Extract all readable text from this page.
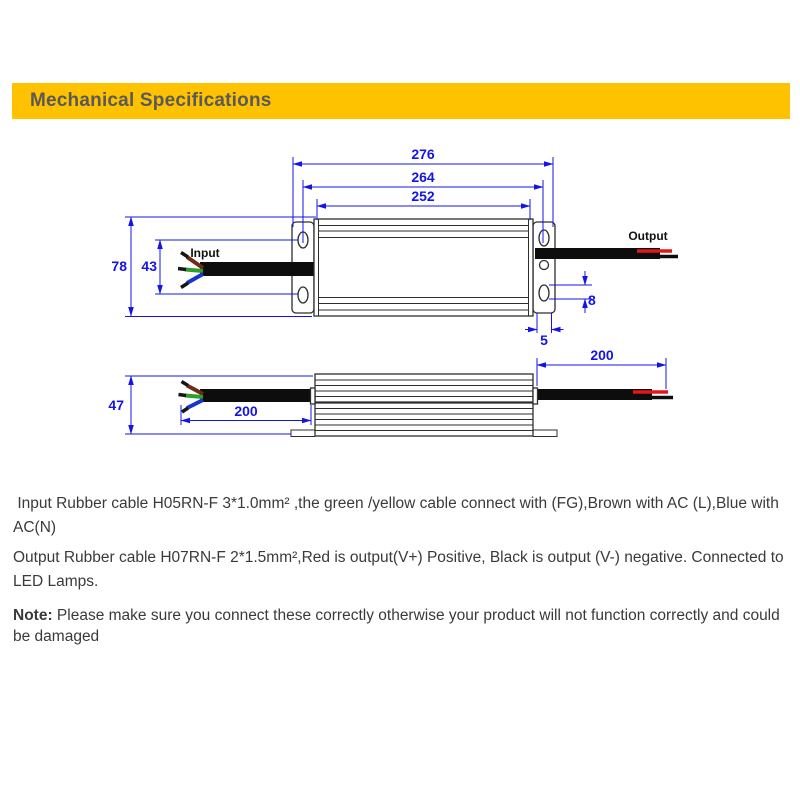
Mechanical Specifications
Input
Output
276
264
252
78 43
8
5
47	200
200

Input Rubber cable H05RN-F 3*1.0mm² ,the green /yellow cable connect with (FG),Brown with AC (L),Blue with AC(N)

Output Rubber cable H07RN-F 2*1.5mm²,Red is output(V+) Positive, Black is output (V-) negative. Connected to LED Lamps.

Note: Please make sure you connect these correctly otherwise your product will not function correctly and could be damaged
